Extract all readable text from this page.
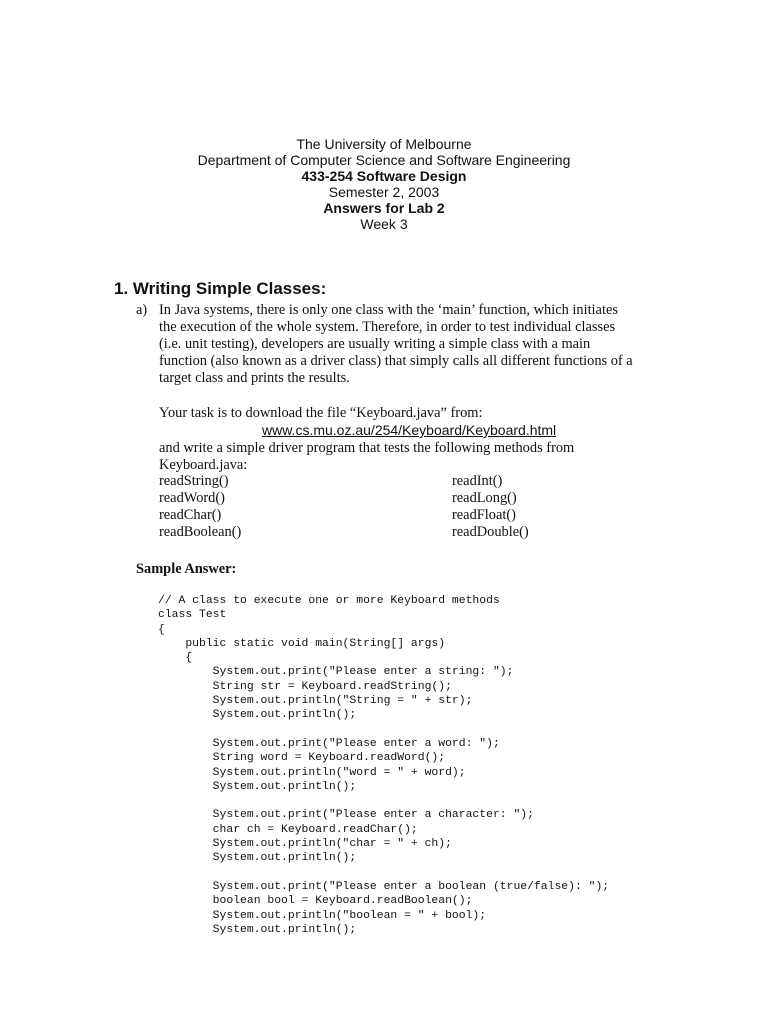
The University of Melbourne
Department of Computer Science and Software Engineering
433-254 Software Design
Semester 2, 2003
Answers for Lab 2
Week 3
1. Writing Simple Classes:
a) In Java systems, there is only one class with the ‘main’ function, which initiates
the execution of the whole system. Therefore, in order to test individual classes
(i.e. unit testing), developers are usually writing a simple class with a main
function (also known as a driver class) that simply calls all different functions of a
target class and prints the results.
Your task is to download the file “Keyboard.java” from:
www.cs.mu.oz.au/254/Keyboard/Keyboard.html
and write a simple driver program that tests the following methods from
Keyboard.java:
readString()	readInt()
readWord()	readLong()
readChar()	readFloat()
readBoolean()	readDouble()
Sample Answer:
// A class to execute one or more Keyboard methods
class Test
{
public static void main(String[] args)
{
System.out.print("Please enter a string: ");
String str = Keyboard.readString();
System.out.println("String = " + str);
System.out.println();

System.out.print("Please enter a word: ");
String word = Keyboard.readWord();
System.out.println("word = " + word);
System.out.println();

System.out.print("Please enter a character: ");
char ch = Keyboard.readChar();
System.out.println("char = " + ch);
System.out.println();

System.out.print("Please enter a boolean (true/false): ");
boolean bool = Keyboard.readBoolean();
System.out.println("boolean = " + bool);
System.out.println();
